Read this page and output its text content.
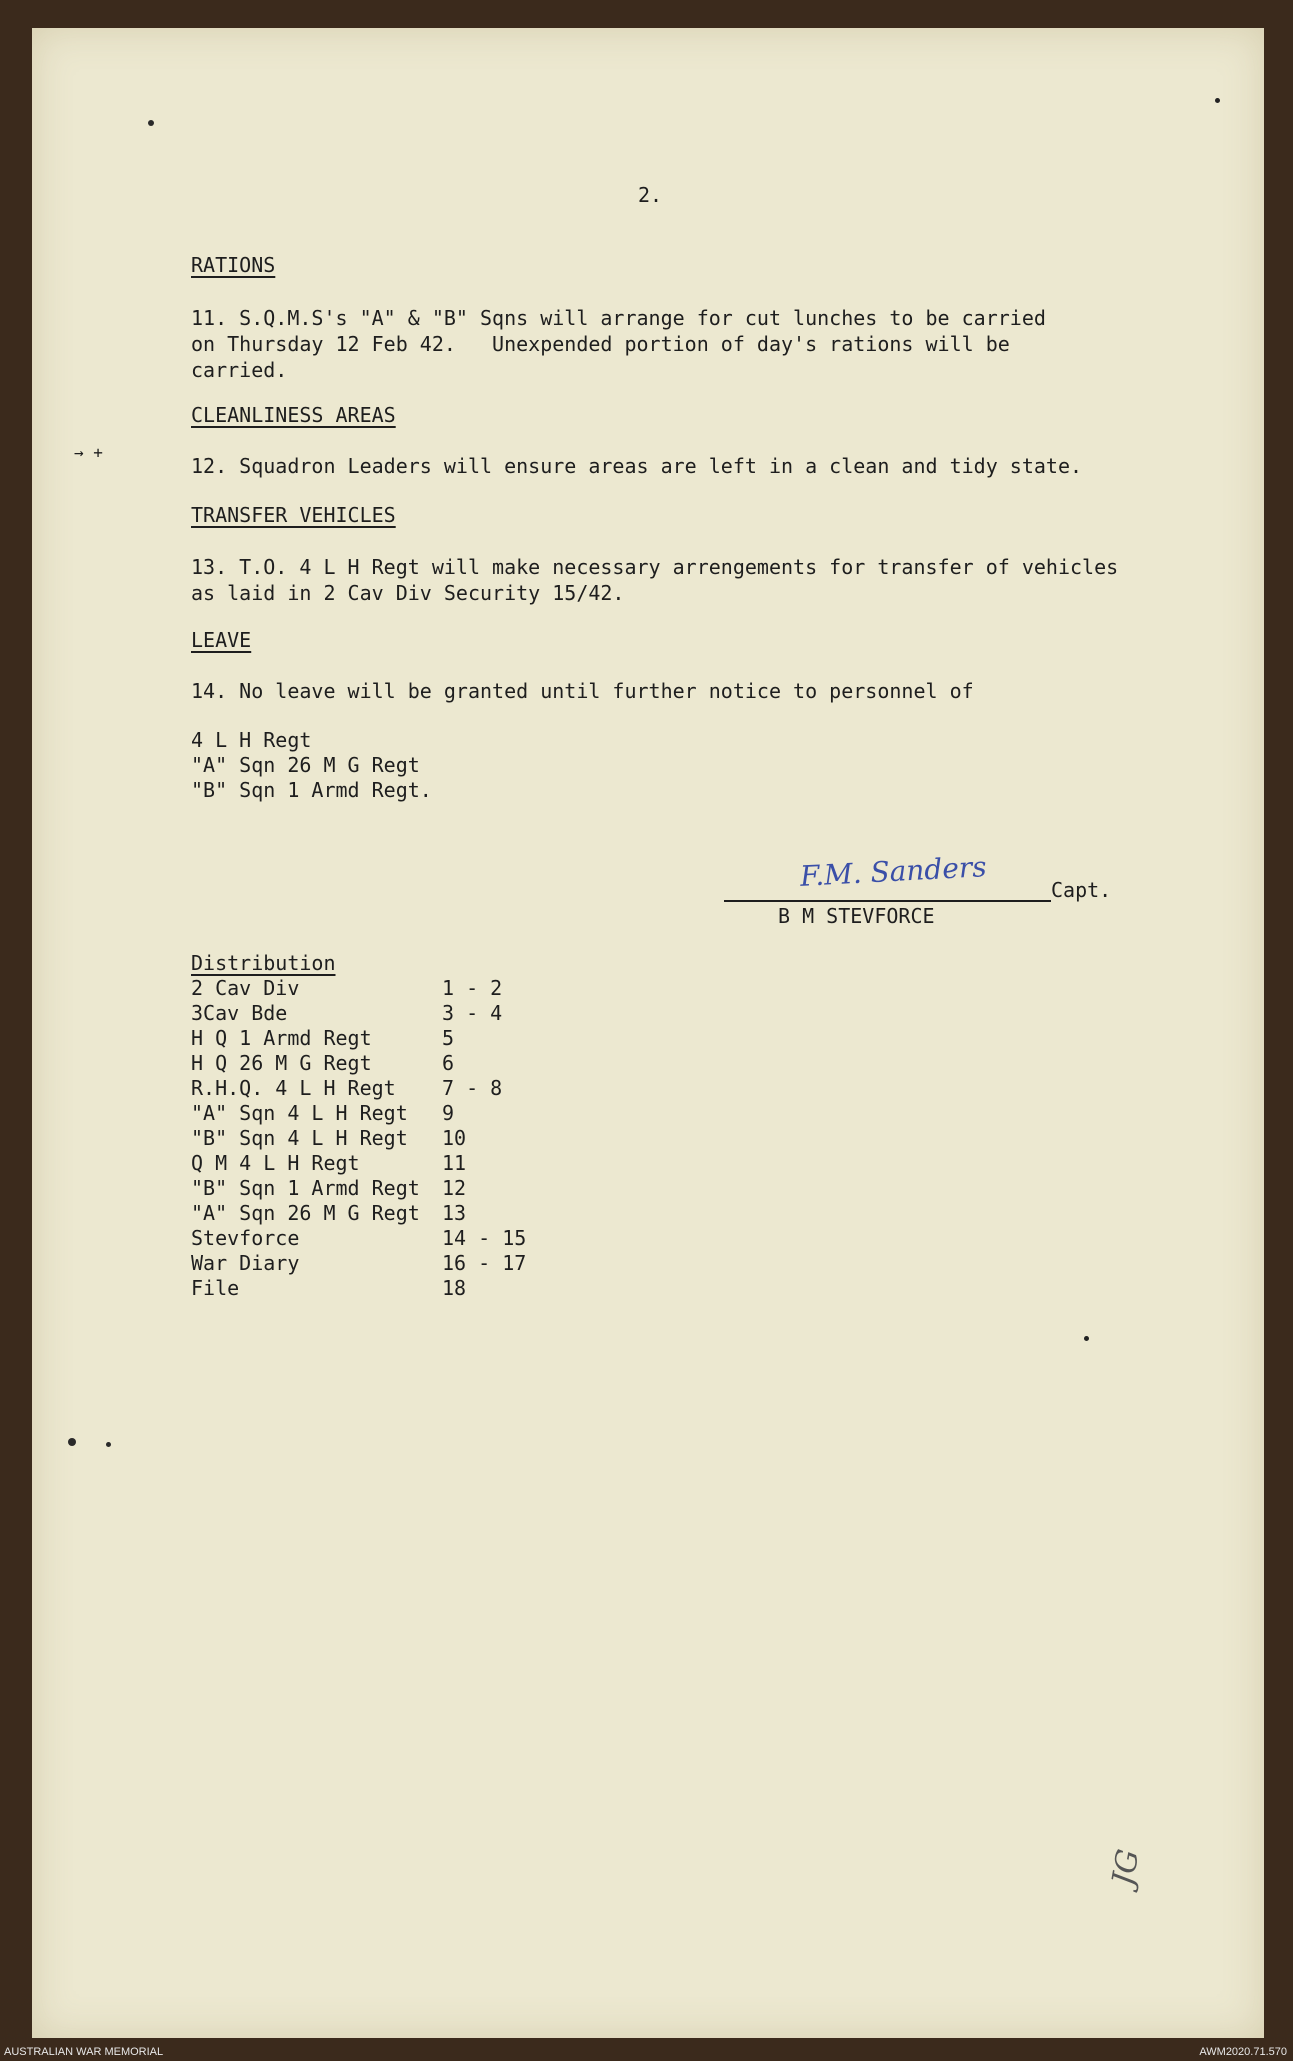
→ +
2.
RATIONS
11. S.Q.M.S's "A" & "B" Sqns will arrange for cut lunches to be carried
on Thursday 12 Feb 42.   Unexpended portion of day's rations will be
carried.
CLEANLINESS AREAS
12. Squadron Leaders will ensure areas are left in a clean and tidy state.
TRANSFER VEHICLES
13. T.O. 4 L H Regt will make necessary arrengements for transfer of vehicles
as laid in 2 Cav Div Security 15/42.
LEAVE
14. No leave will be granted until further notice to personnel of
4 L H Regt
"A" Sqn 26 M G Regt
"B" Sqn 1 Armd Regt.
F.M. Sanders	Capt.
B M STEVFORCE
Distribution
2 Cav Div	1 - 2
3Cav Bde	3 - 4
H Q 1 Armd Regt	5
H Q 26 M G Regt	6
R.H.Q. 4 L H Regt 7 - 8
"A" Sqn 4 L H Regt 9
"B" Sqn 4 L H Regt 10
Q M 4 L H Regt	11
"B" Sqn 1 Armd Regt 12
"A" Sqn 26 M G Regt 13
Stevforce	14 - 15
War Diary	16 - 17
File	18
JG
AUSTRALIAN WAR MEMORIAL	AWM2020.71.570
